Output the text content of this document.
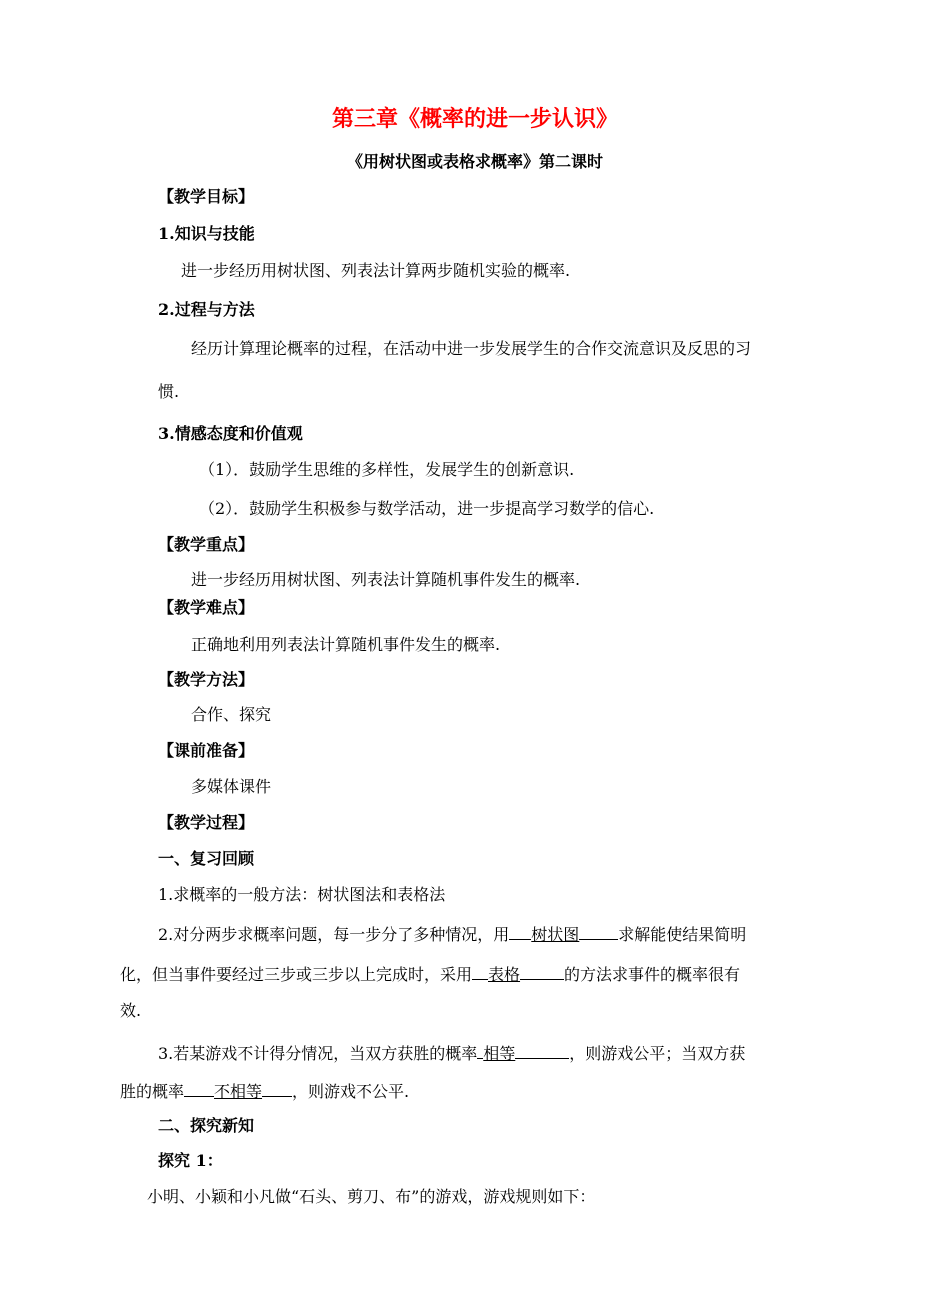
第三章《概率的进一步认识》
《用树状图或表格求概率》第二课时
【教学目标】
1.知识与技能
进一步经历用树状图、列表法计算两步随机实验的概率.
2.过程与方法
经历计算理论概率的过程，在活动中进一步发展学生的合作交流意识及反思的习
惯.
3.情感态度和价值观
（1）．鼓励学生思维的多样性，发展学生的创新意识.
（2）．鼓励学生积极参与数学活动，进一步提高学习数学的信心.
【教学重点】
进一步经历用树状图、列表法计算随机事件发生的概率.
【教学难点】
正确地利用列表法计算随机事件发生的概率.
【教学方法】
合作、探究
【课前准备】
多媒体课件
【教学过程】
一、复习回顾
1.求概率的一般方法：树状图法和表格法
2.对分两步求概率问题，每一步分了多种情况，用 树状图 求解能使结果简明
化，但当事件要经过三步或三步以上完成时，采用 表格	的方法求事件的概率很有
效.
3.若某游戏不计得分情况，当双方获胜的概率 相等	，则游戏公平；当双方获
胜的概率 不相等 ，则游戏不公平.
二、探究新知
探究 1：
小明、小颖和小凡做“石头、剪刀、布”的游戏，游戏规则如下：
